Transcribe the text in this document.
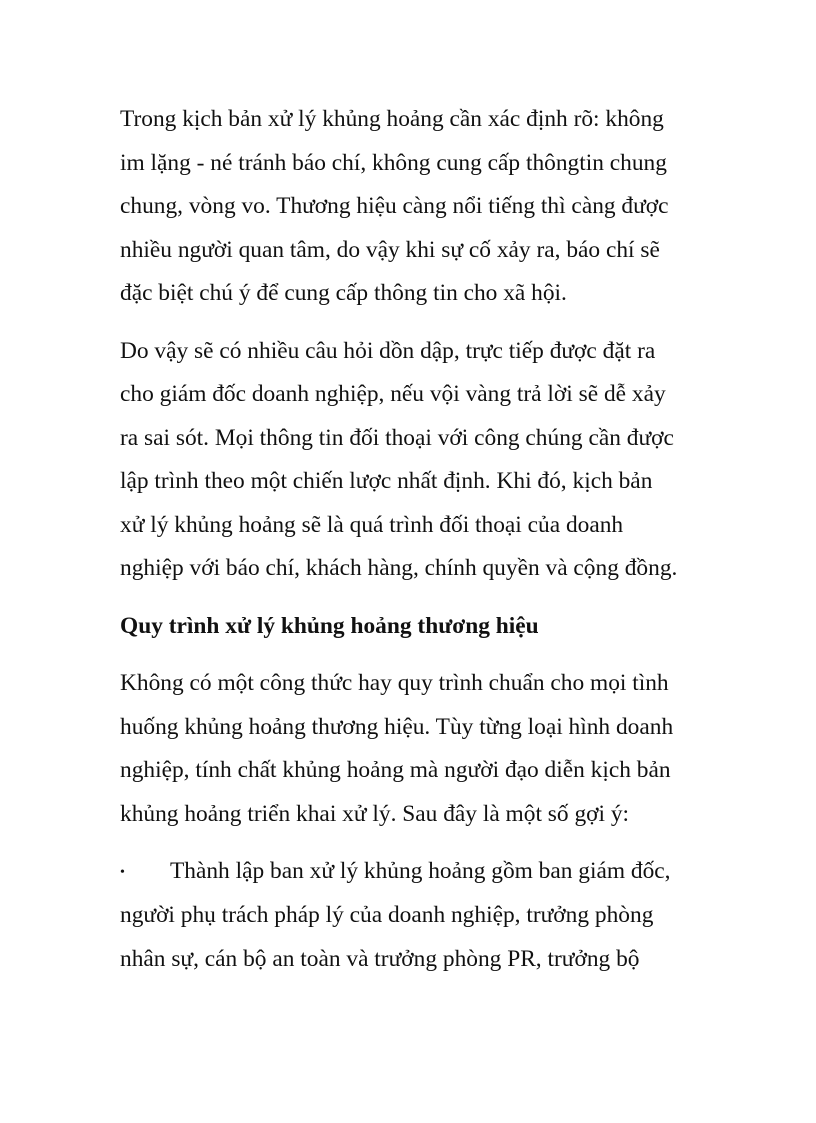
Trong kịch bản xử lý khủng hoảng cần xác định rõ: không
im lặng - né tránh báo chí, không cung cấp thôngtin chung
chung, vòng vo. Thương hiệu càng nổi tiếng thì càng được
nhiều người quan tâm, do vậy khi sự cố xảy ra, báo chí sẽ
đặc biệt chú ý để cung cấp thông tin cho xã hội.

Do vậy sẽ có nhiều câu hỏi dồn dập, trực tiếp được đặt ra
cho giám đốc doanh nghiệp, nếu vội vàng trả lời sẽ dễ xảy
ra sai sót. Mọi thông tin đối thoại với công chúng cần được
lập trình theo một chiến lược nhất định. Khi đó, kịch bản
xử lý khủng hoảng sẽ là quá trình đối thoại của doanh
nghiệp với báo chí, khách hàng, chính quyền và cộng đồng.

Quy trình xử lý khủng hoảng thương hiệu

Không có một công thức hay quy trình chuẩn cho mọi tình
huống khủng hoảng thương hiệu. Tùy từng loại hình doanh
nghiệp, tính chất khủng hoảng mà người đạo diễn kịch bản
khủng hoảng triển khai xử lý. Sau đây là một số gợi ý:

• Thành lập ban xử lý khủng hoảng gồm ban giám đốc,
người phụ trách pháp lý của doanh nghiệp, trưởng phòng
nhân sự, cán bộ an toàn và trưởng phòng PR, trưởng bộ
